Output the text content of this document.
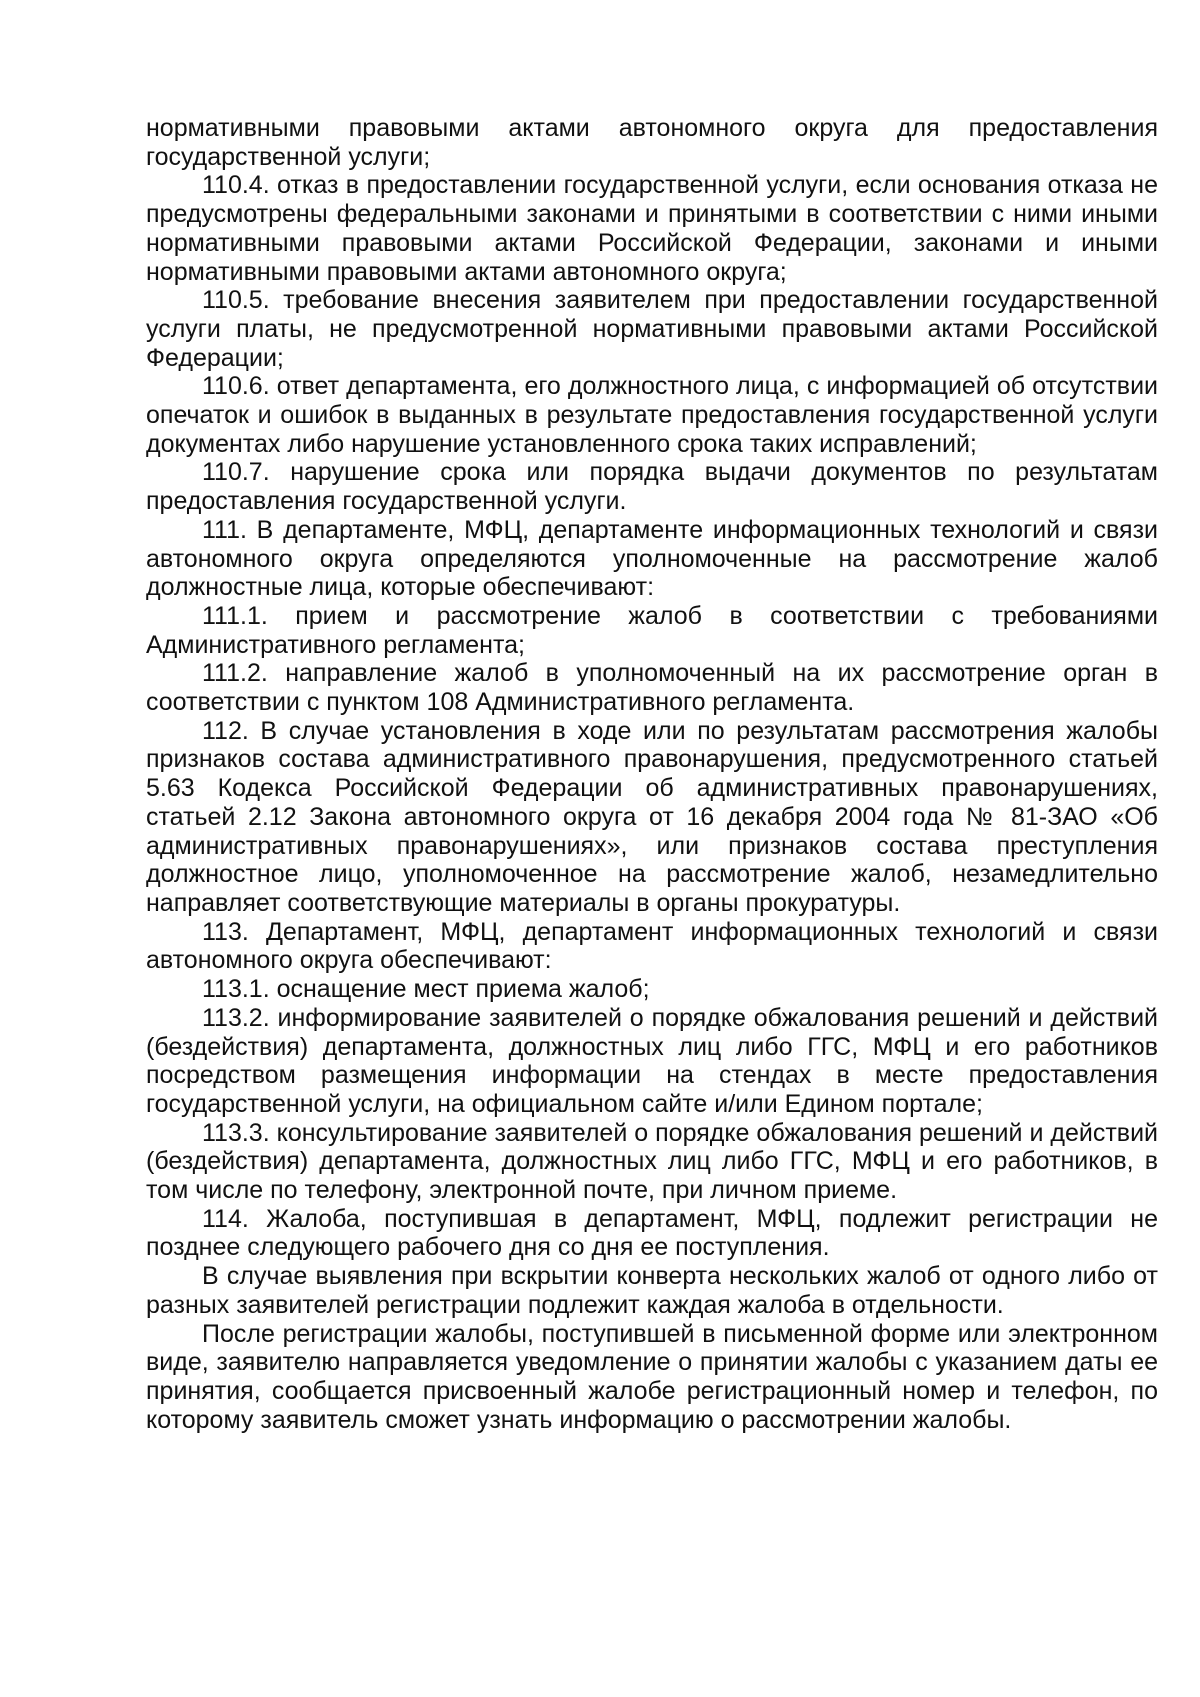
нормативными правовыми актами автономного округа для предоставления государственной услуги;

110.4. отказ в предоставлении государственной услуги, если основания отказа не предусмотрены федеральными законами и принятыми в соответствии с ними иными нормативными правовыми актами Российской Федерации, законами и иными нормативными правовыми актами автономного округа;

110.5. требование внесения заявителем при предоставлении государственной услуги платы, не предусмотренной нормативными правовыми актами Российской Федерации;

110.6. ответ департамента, его должностного лица, с информацией об отсутствии опечаток и ошибок в выданных в результате предоставления государственной услуги документах либо нарушение установленного срока таких исправлений;

110.7. нарушение срока или порядка выдачи документов по результатам предоставления государственной услуги.

111. В департаменте, МФЦ, департаменте информационных технологий и связи автономного округа определяются уполномоченные на рассмотрение жалоб должностные лица, которые обеспечивают:

111.1. прием и рассмотрение жалоб в соответствии с требованиями Административного регламента;

111.2. направление жалоб в уполномоченный на их рассмотрение орган в соответствии с пунктом 108 Административного регламента.

112. В случае установления в ходе или по результатам рассмотрения жалобы признаков состава административного правонарушения, предусмотренного статьей 5.63 Кодекса Российской Федерации об административных правонарушениях, статьей 2.12 Закона автономного округа от 16 декабря 2004 года № 81-ЗАО «Об административных правонарушениях», или признаков состава преступления должностное лицо, уполномоченное на рассмотрение жалоб, незамедлительно направляет соответствующие материалы в органы прокуратуры.

113. Департамент, МФЦ, департамент информационных технологий и связи автономного округа обеспечивают:

113.1. оснащение мест приема жалоб;

113.2. информирование заявителей о порядке обжалования решений и действий (бездействия) департамента, должностных лиц либо ГГС, МФЦ и его работников посредством размещения информации на стендах в месте предоставления государственной услуги, на официальном сайте и/или Едином портале;

113.3. консультирование заявителей о порядке обжалования решений и действий (бездействия) департамента, должностных лиц либо ГГС, МФЦ и его работников, в том числе по телефону, электронной почте, при личном приеме.

114. Жалоба, поступившая в департамент, МФЦ, подлежит регистрации не позднее следующего рабочего дня со дня ее поступления.

В случае выявления при вскрытии конверта нескольких жалоб от одного либо от разных заявителей регистрации подлежит каждая жалоба в отдельности.

После регистрации жалобы, поступившей в письменной форме или электронном виде, заявителю направляется уведомление о принятии жалобы с указанием даты ее принятия, сообщается присвоенный жалобе регистрационный номер и телефон, по которому заявитель сможет узнать информацию о рассмотрении жалобы.
